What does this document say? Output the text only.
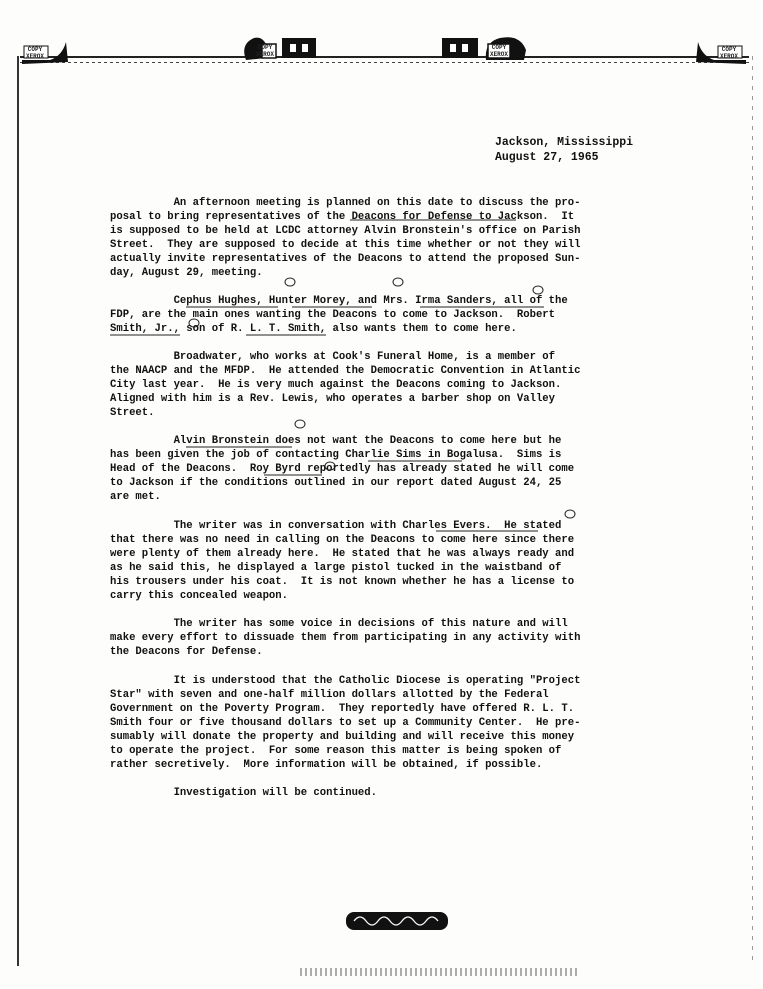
COPY
XEROX
COPY
XEROX
COPY
XEROX
COPY
XEROX
Jackson, Mississippi
August 27, 1965
An afternoon meeting is planned on this date to discuss the pro-
posal to bring representatives of the Deacons for Defense to Jackson.  It
is supposed to be held at LCDC attorney Alvin Bronstein's office on Parish
Street.  They are supposed to decide at this time whether or not they will
actually invite representatives of the Deacons to attend the proposed Sun-
day, August 29, meeting.
Cephus Hughes, Hunter Morey, and Mrs. Irma Sanders, all of the
FDP, are the main ones wanting the Deacons to come to Jackson.  Robert
Smith, Jr., son of R. L. T. Smith, also wants them to come here.
Broadwater, who works at Cook's Funeral Home, is a member of
the NAACP and the MFDP.  He attended the Democratic Convention in Atlantic
City last year.  He is very much against the Deacons coming to Jackson.
Aligned with him is a Rev. Lewis, who operates a barber shop on Valley
Street.
Alvin Bronstein does not want the Deacons to come here but he
has been given the job of contacting Charlie Sims in Bogalusa.  Sims is
Head of the Deacons.  Roy Byrd reportedly has already stated he will come
to Jackson if the conditions outlined in our report dated August 24, 25
are met.
The writer was in conversation with Charles Evers.  He stated
that there was no need in calling on the Deacons to come here since there
were plenty of them already here.  He stated that he was always ready and
as he said this, he displayed a large pistol tucked in the waistband of
his trousers under his coat.  It is not known whether he has a license to
carry this concealed weapon.
The writer has some voice in decisions of this nature and will
make every effort to dissuade them from participating in any activity with
the Deacons for Defense.
It is understood that the Catholic Diocese is operating "Project
Star" with seven and one-half million dollars allotted by the Federal
Government on the Poverty Program.  They reportedly have offered R. L. T.
Smith four or five thousand dollars to set up a Community Center.  He pre-
sumably will donate the property and building and will receive this money
to operate the project.  For some reason this matter is being spoken of
rather secretively.  More information will be obtained, if possible.
Investigation will be continued.
